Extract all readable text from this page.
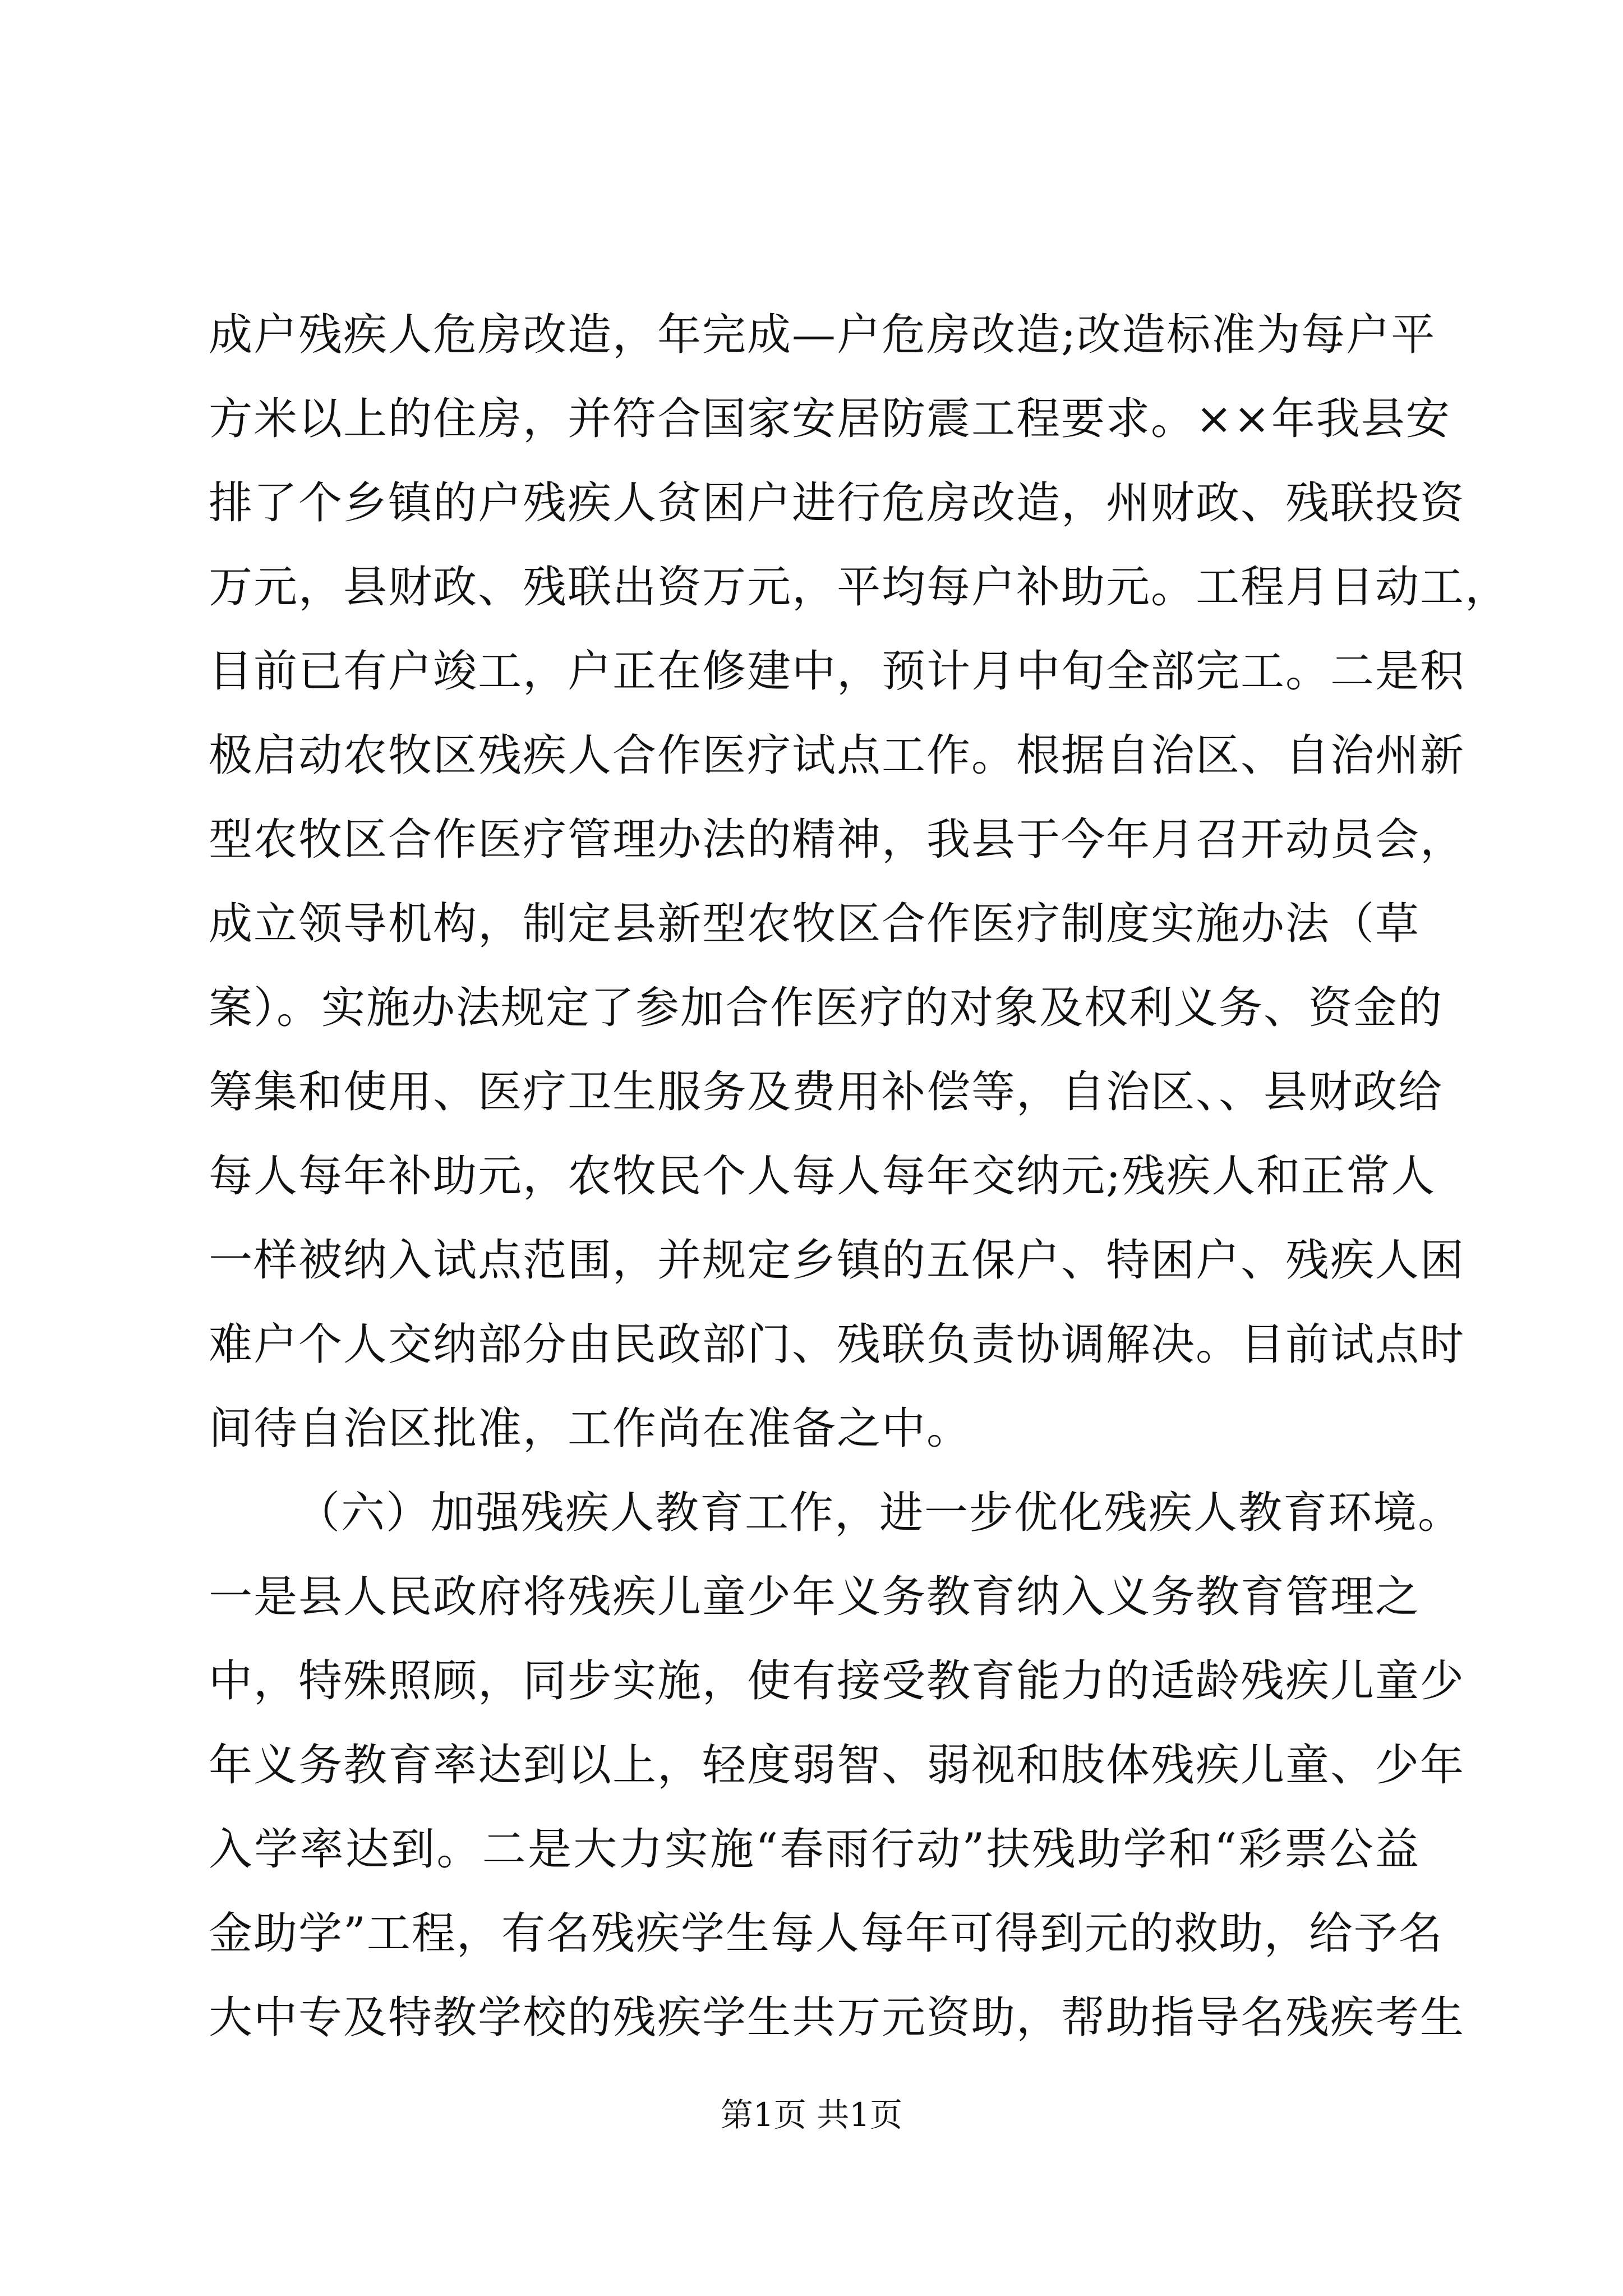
成户残疾人危房改造，年完成—户危房改造;改造标准为每户平
方米以上的住房，并符合国家安居防震工程要求。××年我县安
排了个乡镇的户残疾人贫困户进行危房改造，州财政、残联投资
万元，县财政、残联出资万元，平均每户补助元。工程月日动工，
目前已有户竣工，户正在修建中，预计月中旬全部完工。二是积
极启动农牧区残疾人合作医疗试点工作。根据自治区、自治州新
型农牧区合作医疗管理办法的精神，我县于今年月召开动员会，
成立领导机构，制定县新型农牧区合作医疗制度实施办法（草
案）。实施办法规定了参加合作医疗的对象及权利义务、资金的
筹集和使用、医疗卫生服务及费用补偿等，自治区、、县财政给
每人每年补助元，农牧民个人每人每年交纳元;残疾人和正常人
一样被纳入试点范围，并规定乡镇的五保户、特困户、残疾人困
难户个人交纳部分由民政部门、残联负责协调解决。目前试点时
间待自治区批准，工作尚在准备之中。
（六）加强残疾人教育工作，进一步优化残疾人教育环境。
一是县人民政府将残疾儿童少年义务教育纳入义务教育管理之
中，特殊照顾，同步实施，使有接受教育能力的适龄残疾儿童少
年义务教育率达到以上，轻度弱智、弱视和肢体残疾儿童、少年
入学率达到。二是大力实施“春雨行动”扶残助学和“彩票公益
金助学”工程，有名残疾学生每人每年可得到元的救助，给予名
大中专及特教学校的残疾学生共万元资助，帮助指导名残疾考生
第1页 共1页
